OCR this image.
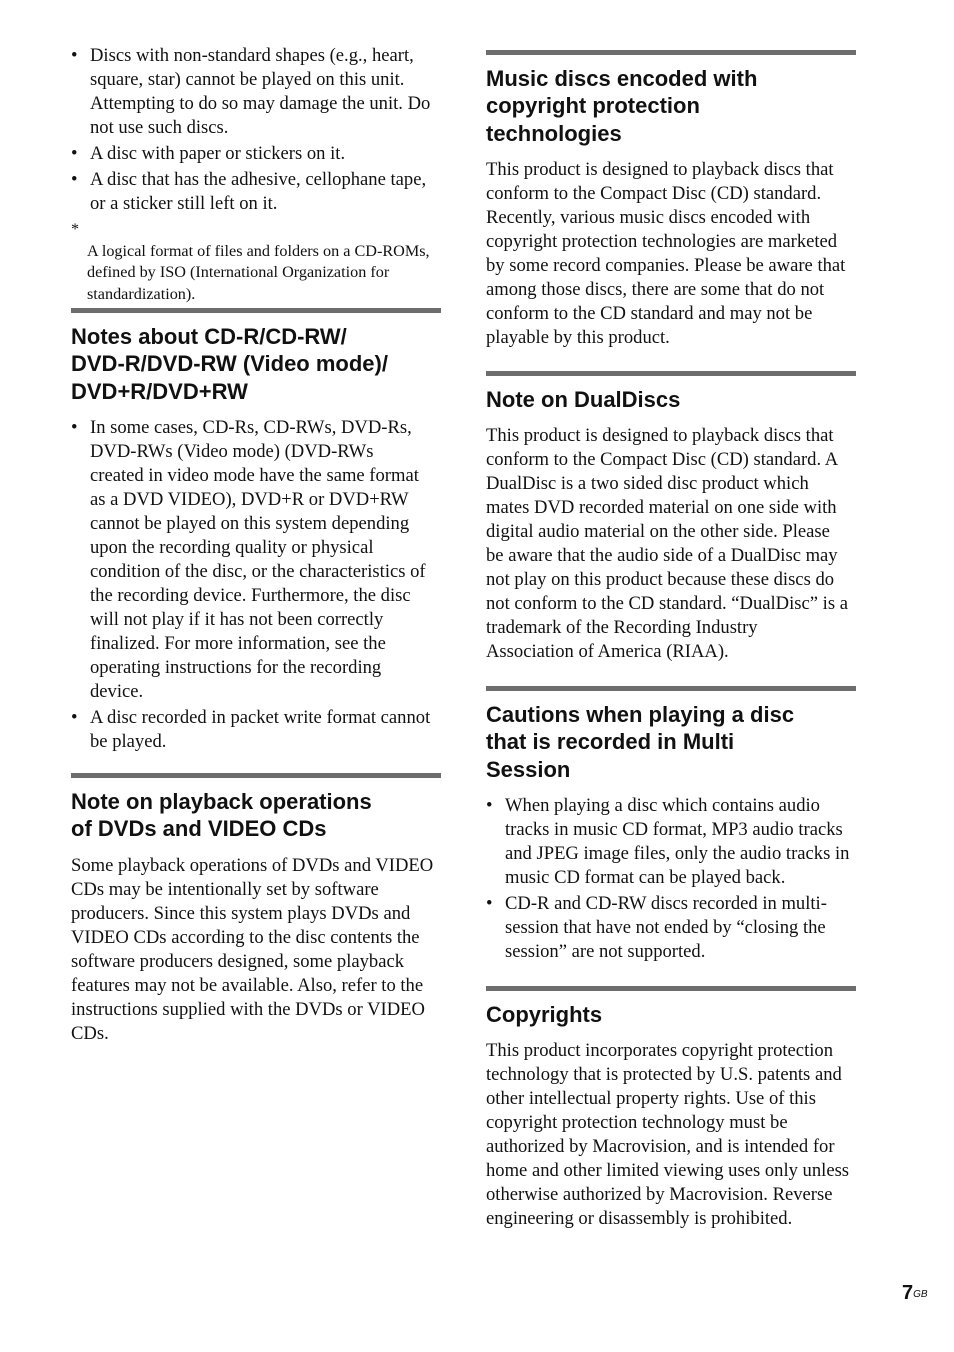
• Discs with non-standard shapes (e.g., heart,
square, star) cannot be played on this unit.
Attempting to do so may damage the unit. Do
not use such discs.
• A disc with paper or stickers on it.
• A disc that has the adhesive, cellophane tape,
or a sticker still left on it.

*
A logical format of files and folders on a CD-ROMs,
defined by ISO (International Organization for
standardization).

Notes about CD-R/CD-RW/
DVD-R/DVD-RW (Video mode)/
DVD+R/DVD+RW
• In some cases, CD-Rs, CD-RWs, DVD-Rs,
DVD-RWs (Video mode) (DVD-RWs
created in video mode have the same format
as a DVD VIDEO), DVD+R or DVD+RW
cannot be played on this system depending
upon the recording quality or physical
condition of the disc, or the characteristics of
the recording device. Furthermore, the disc
will not play if it has not been correctly
finalized. For more information, see the
operating instructions for the recording
device.
• A disc recorded in packet write format cannot
be played.
Note on playback operations
of DVDs and VIDEO CDs

Some playback operations of DVDs and VIDEO
CDs may be intentionally set by software
producers. Since this system plays DVDs and
VIDEO CDs according to the disc contents the
software producers designed, some playback
features may not be available. Also, refer to the
instructions supplied with the DVDs or VIDEO
CDs.

Music discs encoded with
copyright protection
technologies

This product is designed to playback discs that
conform to the Compact Disc (CD) standard.
Recently, various music discs encoded with
copyright protection technologies are marketed
by some record companies. Please be aware that
among those discs, there are some that do not
conform to the CD standard and may not be
playable by this product.

Note on DualDiscs

This product is designed to playback discs that
conform to the Compact Disc (CD) standard. A
DualDisc is a two sided disc product which
mates DVD recorded material on one side with
digital audio material on the other side. Please
be aware that the audio side of a DualDisc may
not play on this product because these discs do
not conform to the CD standard. “DualDisc” is a
trademark of the Recording Industry
Association of America (RIAA).

Cautions when playing a disc
that is recorded in Multi
Session
• When playing a disc which contains audio
tracks in music CD format, MP3 audio tracks
and JPEG image files, only the audio tracks in
music CD format can be played back.
• CD-R and CD-RW discs recorded in multi-
session that have not ended by “closing the
session” are not supported.
Copyrights

This product incorporates copyright protection
technology that is protected by U.S. patents and
other intellectual property rights. Use of this
copyright protection technology must be
authorized by Macrovision, and is intended for
home and other limited viewing uses only unless
otherwise authorized by Macrovision. Reverse
engineering or disassembly is prohibited.

$7^{GB}$
